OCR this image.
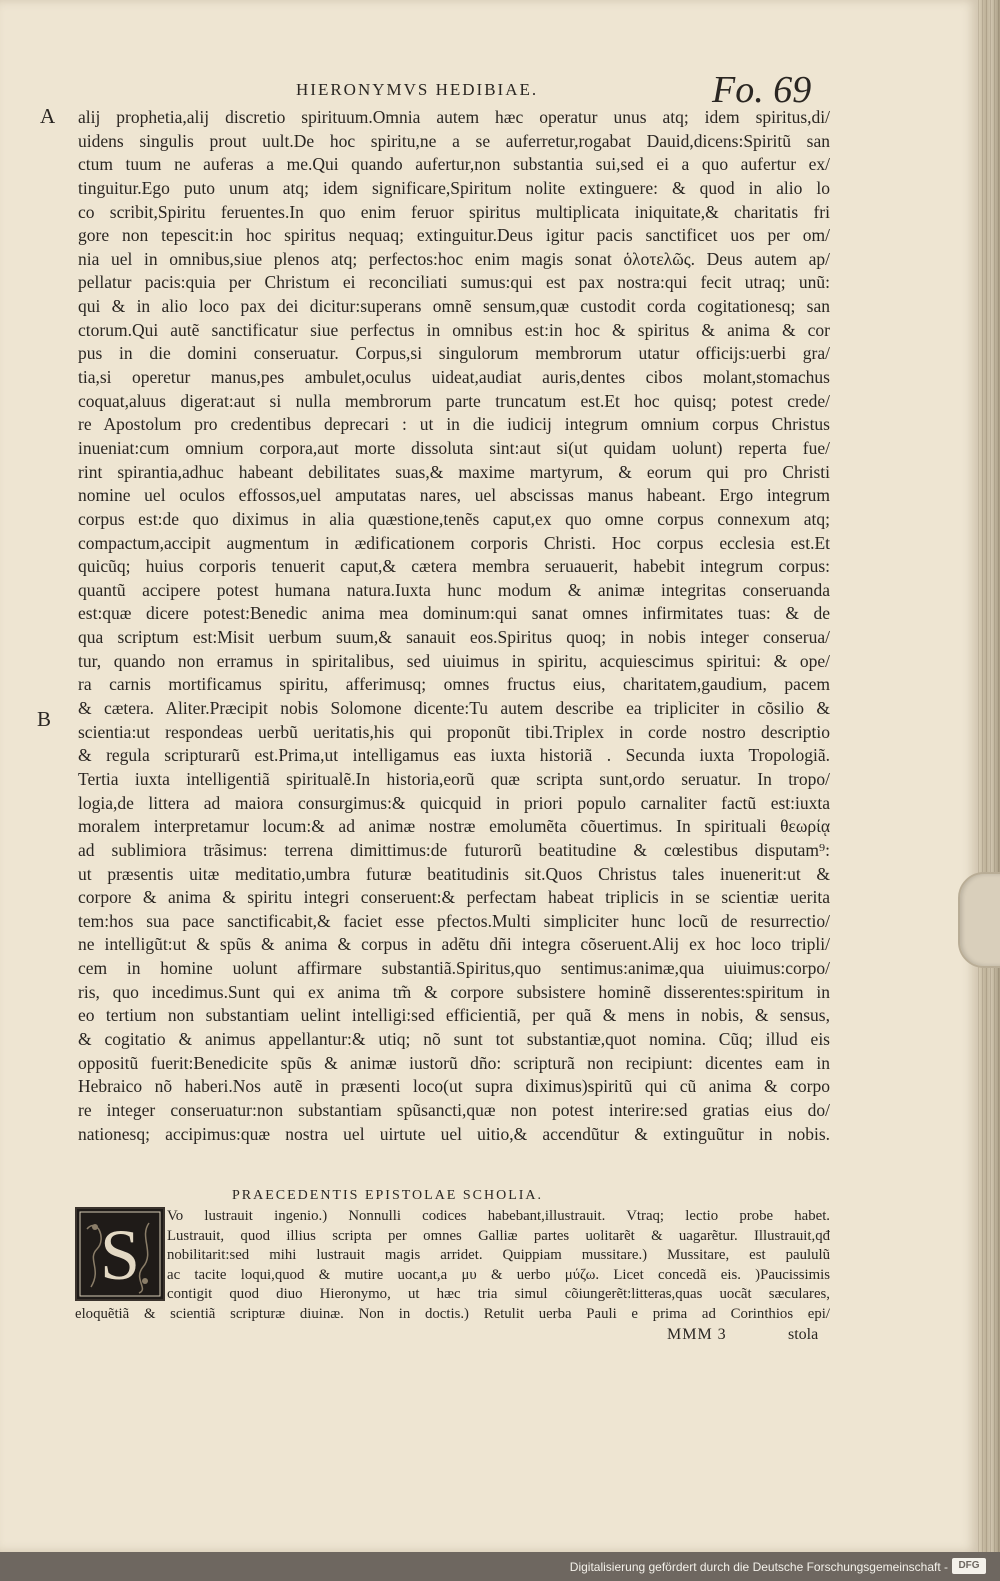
HIERONYMVS HEDIBIAE.	Fo. 69
A
B
alij prophetia,alij discretio spirituum.Omnia autem hæc operatur unus atq; idem spiritus,di/
uidens singulis prout uult.De hoc spiritu,ne a se auferretur,rogabat Dauid,dicens:Spiritũ san
ctum tuum ne auferas a me.Qui quando aufertur,non substantia sui,sed ei a quo aufertur ex/
tinguitur.Ego puto unum atq; idem significare,Spiritum nolite extinguere: & quod in alio lo
co scribit,Spiritu feruentes.In quo enim feruor spiritus multiplicata iniquitate,& charitatis fri
gore non tepescit:in hoc spiritus nequaq; extinguitur.Deus igitur pacis sanctificet uos per om/
nia uel in omnibus,siue plenos atq; perfectos:hoc enim magis sonat ὁλοτελῶς. Deus autem ap/
pellatur pacis:quia per Christum ei reconciliati sumus:qui est pax nostra:qui fecit utraq; unũ:
qui & in alio loco pax dei dicitur:superans omnẽ sensum,quæ custodit corda cogitationesq; san
ctorum.Qui autẽ sanctificatur siue perfectus in omnibus est:in hoc & spiritus & anima & cor
pus in die domini conseruatur. Corpus,si singulorum membrorum utatur officijs:uerbi gra/
tia,si operetur manus,pes ambulet,oculus uideat,audiat auris,dentes cibos molant,stomachus
coquat,aluus digerat:aut si nulla membrorum parte truncatum est.Et hoc quisq; potest crede/
re Apostolum pro credentibus deprecari : ut in die iudicij integrum omnium corpus Christus
inueniat:cum omnium corpora,aut morte dissoluta sint:aut si(ut quidam uolunt) reperta fue/
rint spirantia,adhuc habeant debilitates suas,& maxime martyrum, & eorum qui pro Christi
nomine uel oculos effossos,uel amputatas nares, uel abscissas manus habeant. Ergo integrum
corpus est:de quo diximus in alia quæstione,tenẽs caput,ex quo omne corpus connexum atq;
compactum,accipit augmentum in ædificationem corporis Christi. Hoc corpus ecclesia est.Et
quicũq; huius corporis tenuerit caput,& cætera membra seruauerit, habebit integrum corpus:
quantũ accipere potest humana natura.Iuxta hunc modum & animæ integritas conseruanda
est:quæ dicere potest:Benedic anima mea dominum:qui sanat omnes infirmitates tuas: & de
qua scriptum est:Misit uerbum suum,& sanauit eos.Spiritus quoq; in nobis integer conserua/
tur, quando non erramus in spiritalibus, sed uiuimus in spiritu, acquiescimus spiritui: & ope/
ra carnis mortificamus spiritu, afferimusq; omnes fructus eius, charitatem,gaudium, pacem
& cætera. Aliter.Præcipit nobis Solomone dicente:Tu autem describe ea tripliciter in cõsilio &
scientia:ut respondeas uerbũ ueritatis,his qui proponũt tibi.Triplex in corde nostro descriptio
& regula scripturarũ est.Prima,ut intelligamus eas iuxta historiã . Secunda iuxta Tropologiã.
Tertia iuxta intelligentiã spiritualẽ.In historia,eorũ quæ scripta sunt,ordo seruatur. In tropo/
logia,de littera ad maiora consurgimus:& quicquid in priori populo carnaliter factũ est:iuxta
moralem interpretamur locum:& ad animæ nostræ emolumẽta cõuertimus. In spirituali θεωρίᾳ
ad sublimiora trãsimus: terrena dimittimus:de futurorũ beatitudine & cœlestibus disputam⁹:
ut præsentis uitæ meditatio,umbra futuræ beatitudinis sit.Quos Christus tales inuenerit:ut &
corpore & anima & spiritu integri conseruent:& perfectam habeat triplicis in se scientiæ uerita
tem:hos sua pace sanctificabit,& faciet esse pfectos.Multi simpliciter hunc locũ de resurrectio/
ne intelligũt:ut & spũs & anima & corpus in adẽtu dñi integra cõseruent.Alij ex hoc loco tripli/
cem in homine uolunt affirmare substantiã.Spiritus,quo sentimus:animæ,qua uiuimus:corpo/
ris, quo incedimus.Sunt qui ex anima tm̃ & corpore subsistere hominẽ disserentes:spiritum in
eo tertium non substantiam uelint intelligi:sed efficientiã, per quã & mens in nobis, & sensus,
& cogitatio & animus appellantur:& utiq; nõ sunt tot substantiæ,quot nomina. Cũq; illud eis
oppositũ fuerit:Benedicite spũs & animæ iustorũ dño: scripturã non recipiunt: dicentes eam in
Hebraico nõ haberi.Nos autẽ in præsenti loco(ut supra diximus)spiritũ qui cũ anima & corpo
re integer conseruatur:non substantiam spũsancti,quæ non potest interire:sed gratias eius do/
nationesq; accipimus:quæ nostra uel uirtute uel uitio,& accendũtur & extinguũtur in nobis.
PRAECEDENTIS EPISTOLAE SCHOLIA.
S Vo lustrauit ingenio.) Nonnulli codices habebant,illustrauit. Vtraq; lectio probe habet.
Lustrauit, quod illius scripta per omnes Galliæ partes uolitarẽt & uagarẽtur. Illustrauit,qđ
nobilitarit:sed mihi lustrauit magis arridet. Quippiam mussitare.) Mussitare, est paululũ
ac tacite loqui,quod & mutire uocant,a μυ & uerbo μύζω. Licet concedã eis. )Paucissimis
contigit quod diuo Hieronymo, ut hæc tria simul cõiungerẽt:litteras,quas uocãt sæculares,
eloquẽtiã & scientiã scripturæ diuinæ. Non in doctis.) Retulit uerba Pauli e prima ad Corinthios epi/
MMM 3	stola
Digitalisierung gefördert durch die Deutsche Forschungsgemeinschaft -	DFG
